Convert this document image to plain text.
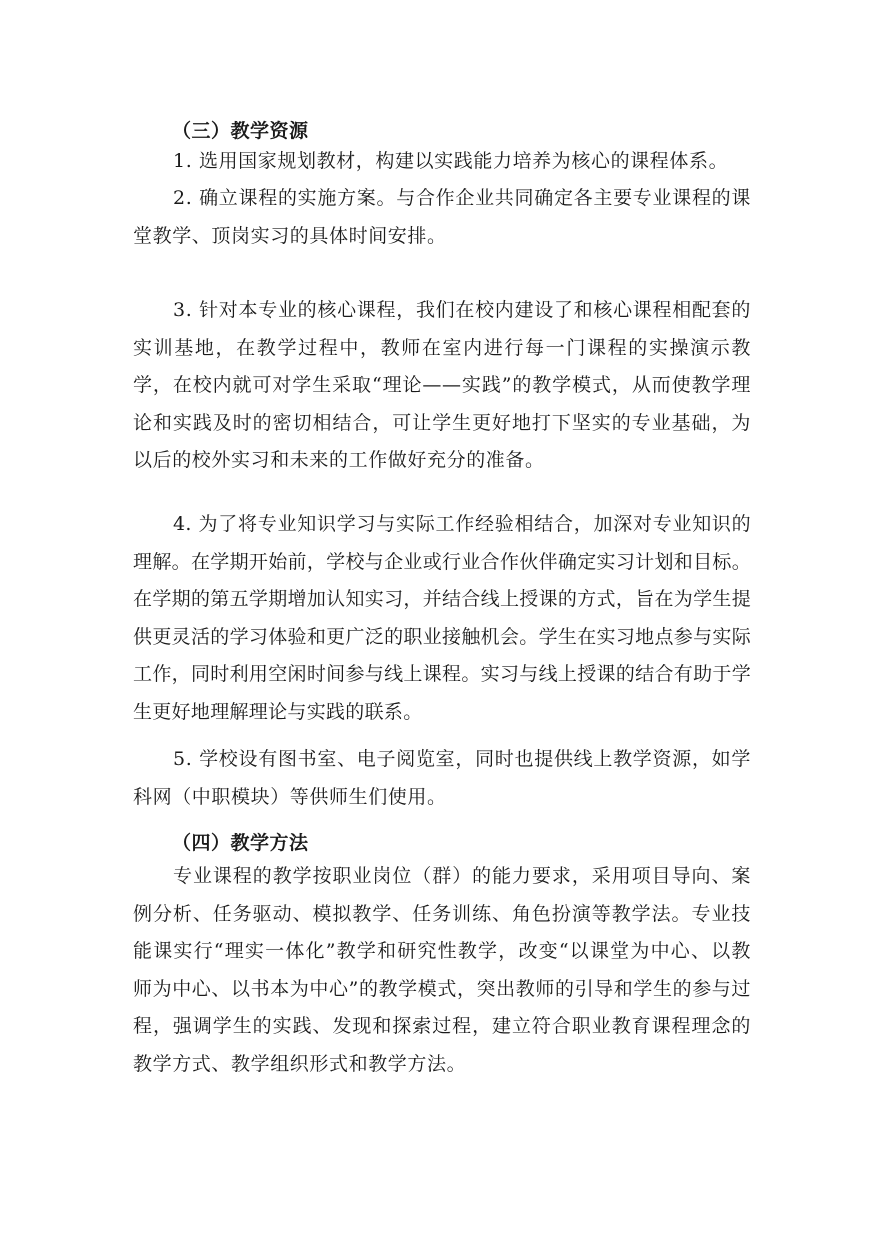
（三）教学资源

1. 选用国家规划教材，构建以实践能力培养为核心的课程体系。

2. 确立课程的实施方案。与合作企业共同确定各主要专业课程的课堂教学、顶岗实习的具体时间安排。

3. 针对本专业的核心课程，我们在校内建设了和核心课程相配套的实训基地，在教学过程中，教师在室内进行每一门课程的实操演示教学，在校内就可对学生采取“理论——实践”的教学模式，从而使教学理论和实践及时的密切相结合，可让学生更好地打下坚实的专业基础，为以后的校外实习和未来的工作做好充分的准备。

4. 为了将专业知识学习与实际工作经验相结合，加深对专业知识的理解。在学期开始前，学校与企业或行业合作伙伴确定实习计划和目标。在学期的第五学期增加认知实习，并结合线上授课的方式，旨在为学生提供更灵活的学习体验和更广泛的职业接触机会。学生在实习地点参与实际工作，同时利用空闲时间参与线上课程。实习与线上授课的结合有助于学生更好地理解理论与实践的联系。

5. 学校设有图书室、电子阅览室，同时也提供线上教学资源，如学科网（中职模块）等供师生们使用。

（四）教学方法

专业课程的教学按职业岗位（群）的能力要求，采用项目导向、案例分析、任务驱动、模拟教学、任务训练、角色扮演等教学法。专业技能课实行“理实一体化”教学和研究性教学，改变“以课堂为中心、以教师为中心、以书本为中心”的教学模式，突出教师的引导和学生的参与过程，强调学生的实践、发现和探索过程，建立符合职业教育课程理念的教学方式、教学组织形式和教学方法。
